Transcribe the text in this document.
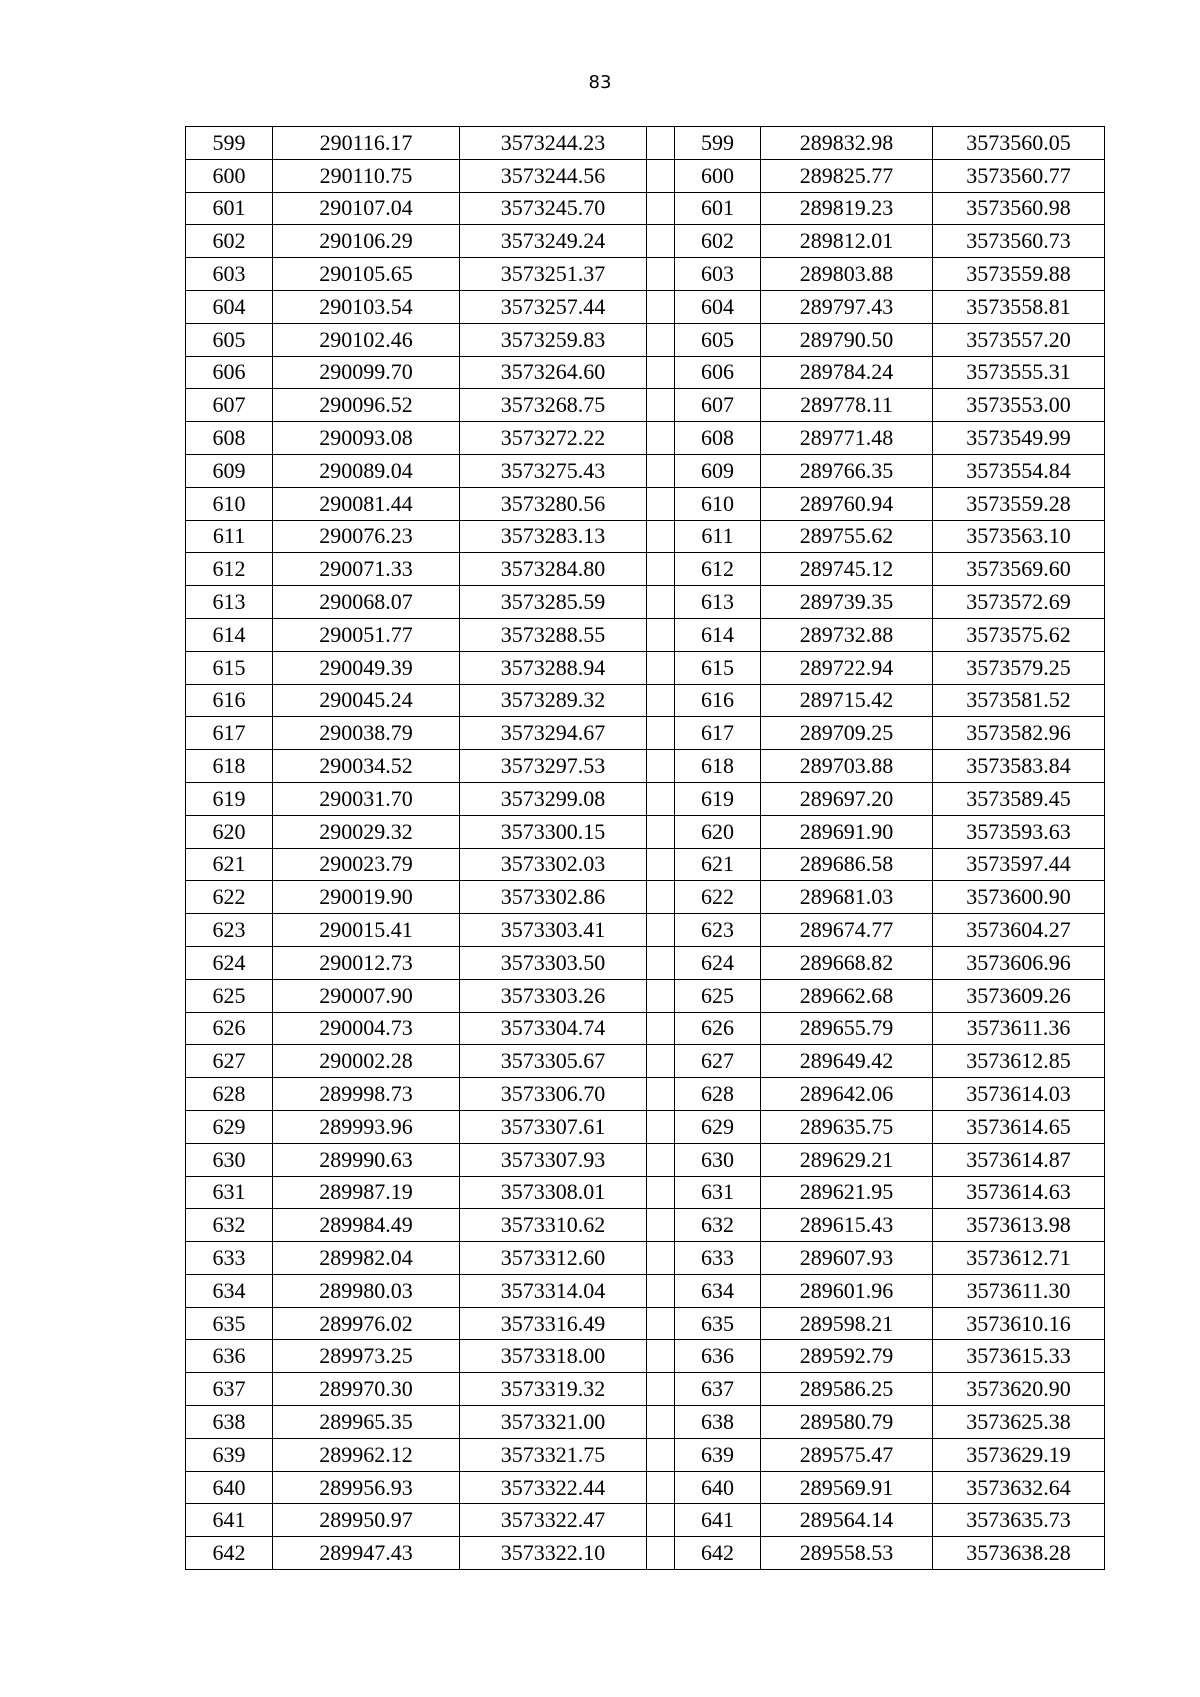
83
599	290116.17	3573244.23		599	289832.98	3573560.05
600	290110.75	3573244.56		600	289825.77	3573560.77
601	290107.04	3573245.70		601	289819.23	3573560.98
602	290106.29	3573249.24		602	289812.01	3573560.73
603	290105.65	3573251.37		603	289803.88	3573559.88
604	290103.54	3573257.44		604	289797.43	3573558.81
605	290102.46	3573259.83		605	289790.50	3573557.20
606	290099.70	3573264.60		606	289784.24	3573555.31
607	290096.52	3573268.75		607	289778.11	3573553.00
608	290093.08	3573272.22		608	289771.48	3573549.99
609	290089.04	3573275.43		609	289766.35	3573554.84
610	290081.44	3573280.56		610	289760.94	3573559.28
611	290076.23	3573283.13		611	289755.62	3573563.10
612	290071.33	3573284.80		612	289745.12	3573569.60
613	290068.07	3573285.59		613	289739.35	3573572.69
614	290051.77	3573288.55		614	289732.88	3573575.62
615	290049.39	3573288.94		615	289722.94	3573579.25
616	290045.24	3573289.32		616	289715.42	3573581.52
617	290038.79	3573294.67		617	289709.25	3573582.96
618	290034.52	3573297.53		618	289703.88	3573583.84
619	290031.70	3573299.08		619	289697.20	3573589.45
620	290029.32	3573300.15		620	289691.90	3573593.63
621	290023.79	3573302.03		621	289686.58	3573597.44
622	290019.90	3573302.86		622	289681.03	3573600.90
623	290015.41	3573303.41		623	289674.77	3573604.27
624	290012.73	3573303.50		624	289668.82	3573606.96
625	290007.90	3573303.26		625	289662.68	3573609.26
626	290004.73	3573304.74		626	289655.79	3573611.36
627	290002.28	3573305.67		627	289649.42	3573612.85
628	289998.73	3573306.70		628	289642.06	3573614.03
629	289993.96	3573307.61		629	289635.75	3573614.65
630	289990.63	3573307.93		630	289629.21	3573614.87
631	289987.19	3573308.01		631	289621.95	3573614.63
632	289984.49	3573310.62		632	289615.43	3573613.98
633	289982.04	3573312.60		633	289607.93	3573612.71
634	289980.03	3573314.04		634	289601.96	3573611.30
635	289976.02	3573316.49		635	289598.21	3573610.16
636	289973.25	3573318.00		636	289592.79	3573615.33
637	289970.30	3573319.32		637	289586.25	3573620.90
638	289965.35	3573321.00		638	289580.79	3573625.38
639	289962.12	3573321.75		639	289575.47	3573629.19
640	289956.93	3573322.44		640	289569.91	3573632.64
641	289950.97	3573322.47		641	289564.14	3573635.73
642	289947.43	3573322.10		642	289558.53	3573638.28
